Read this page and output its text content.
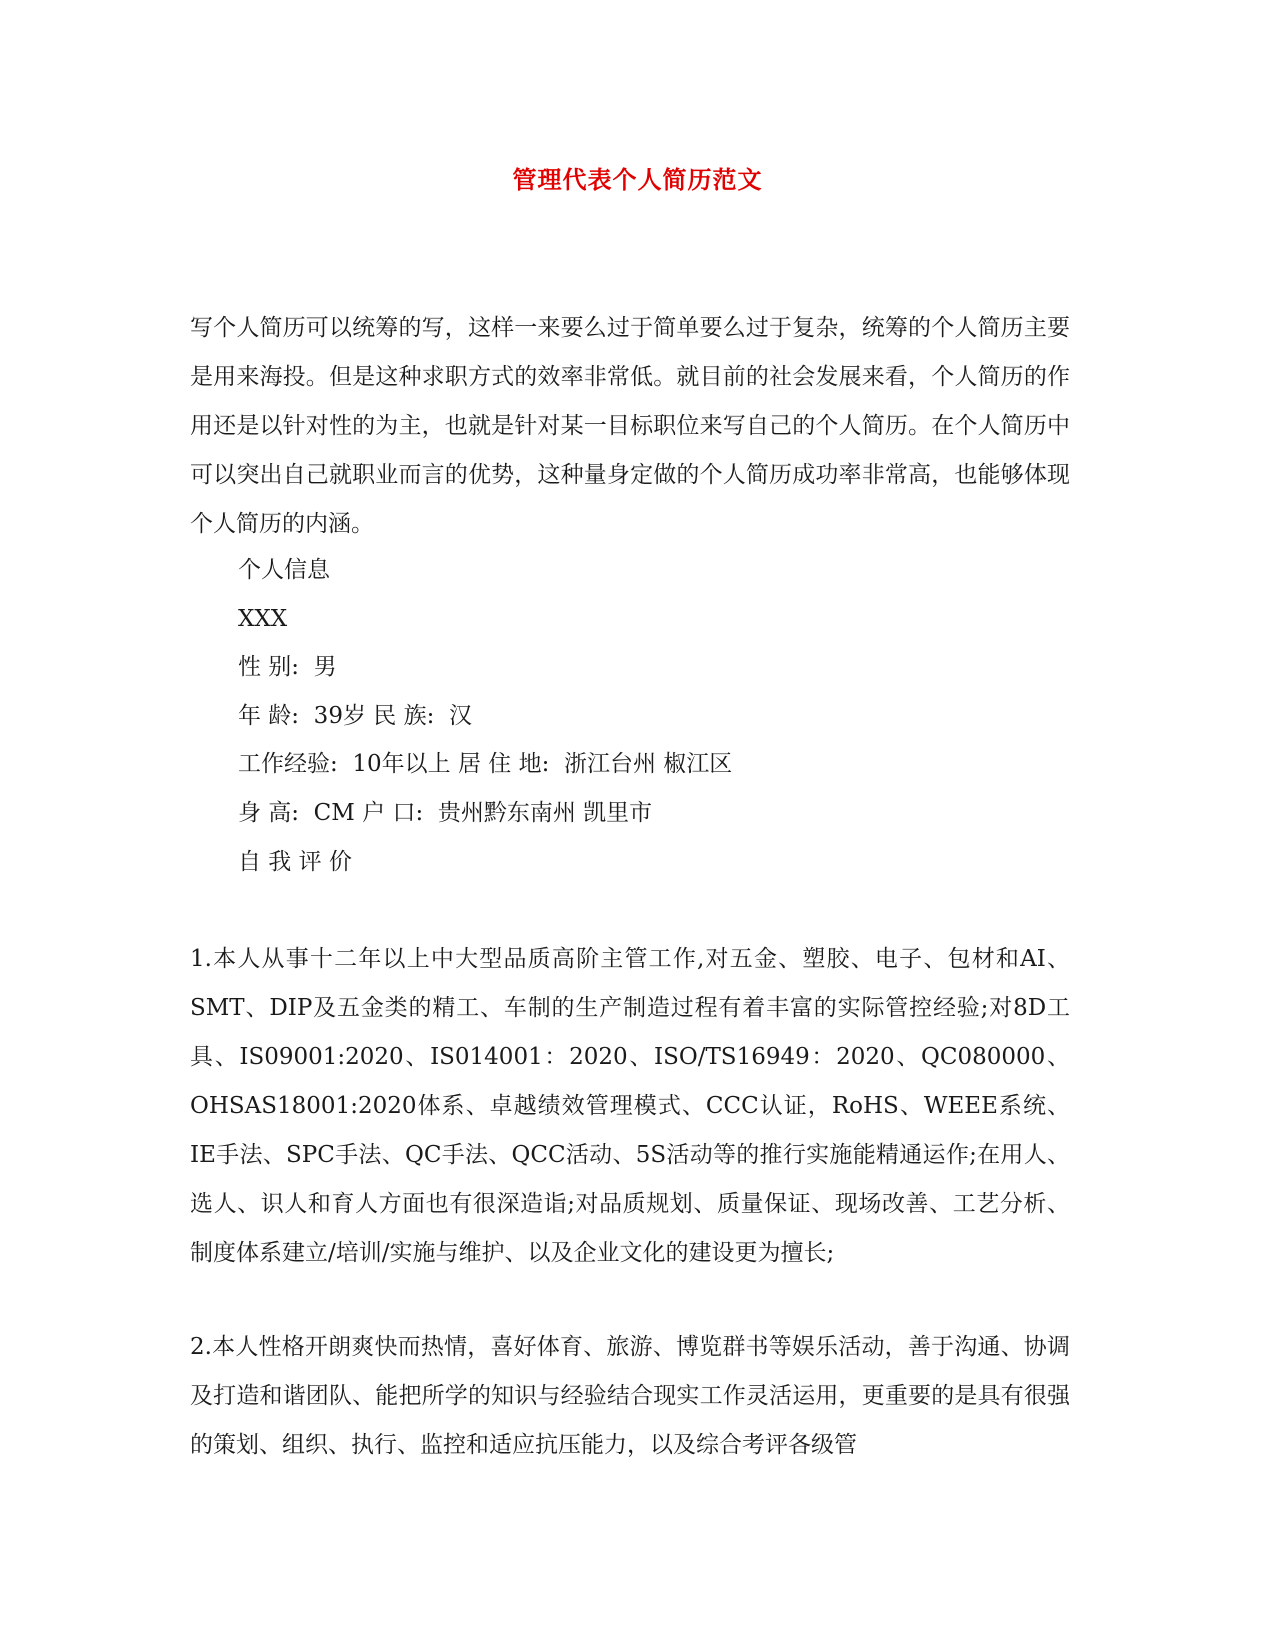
管理代表个人简历范文
写个人简历可以统筹的写，这样一来要么过于简单要么过于复杂，统筹的个人简历主要是用来海投。但是这种求职方式的效率非常低。就目前的社会发展来看，个人简历的作用还是以针对性的为主，也就是针对某一目标职位来写自己的个人简历。在个人简历中可以突出自己就职业而言的优势，这种量身定做的个人简历成功率非常高，也能够体现个人简历的内涵。
个人信息
XXX
性 别:  男
年 龄:  39岁 民 族:  汉
工作经验:  10年以上 居 住 地:  浙江台州 椒江区
身 高:  CM 户 口:  贵州黔东南州 凯里市
自 我 评 价
1.本人从事十二年以上中大型品质高阶主管工作,对五金、塑胶、电子、包材和AI、SMT、DIP及五金类的精工、车制的生产制造过程有着丰富的实际管控经验;对8D工具、IS09001:2020、IS014001：2020、ISO/TS16949：2020、QC080000、OHSAS18001:2020体系、卓越绩效管理模式、CCC认证，RoHS、WEEE系统、IE手法、SPC手法、QC手法、QCC活动、5S活动等的推行实施能精通运作;在用人、选人、识人和育人方面也有很深造诣;对品质规划、质量保证、现场改善、工艺分析、制度体系建立/培训/实施与维护、以及企业文化的建设更为擅长;
2.本人性格开朗爽快而热情，喜好体育、旅游、博览群书等娱乐活动，善于沟通、协调及打造和谐团队、能把所学的知识与经验结合现实工作灵活运用，更重要的是具有很强的策划、组织、执行、监控和适应抗压能力，以及综合考评各级管
